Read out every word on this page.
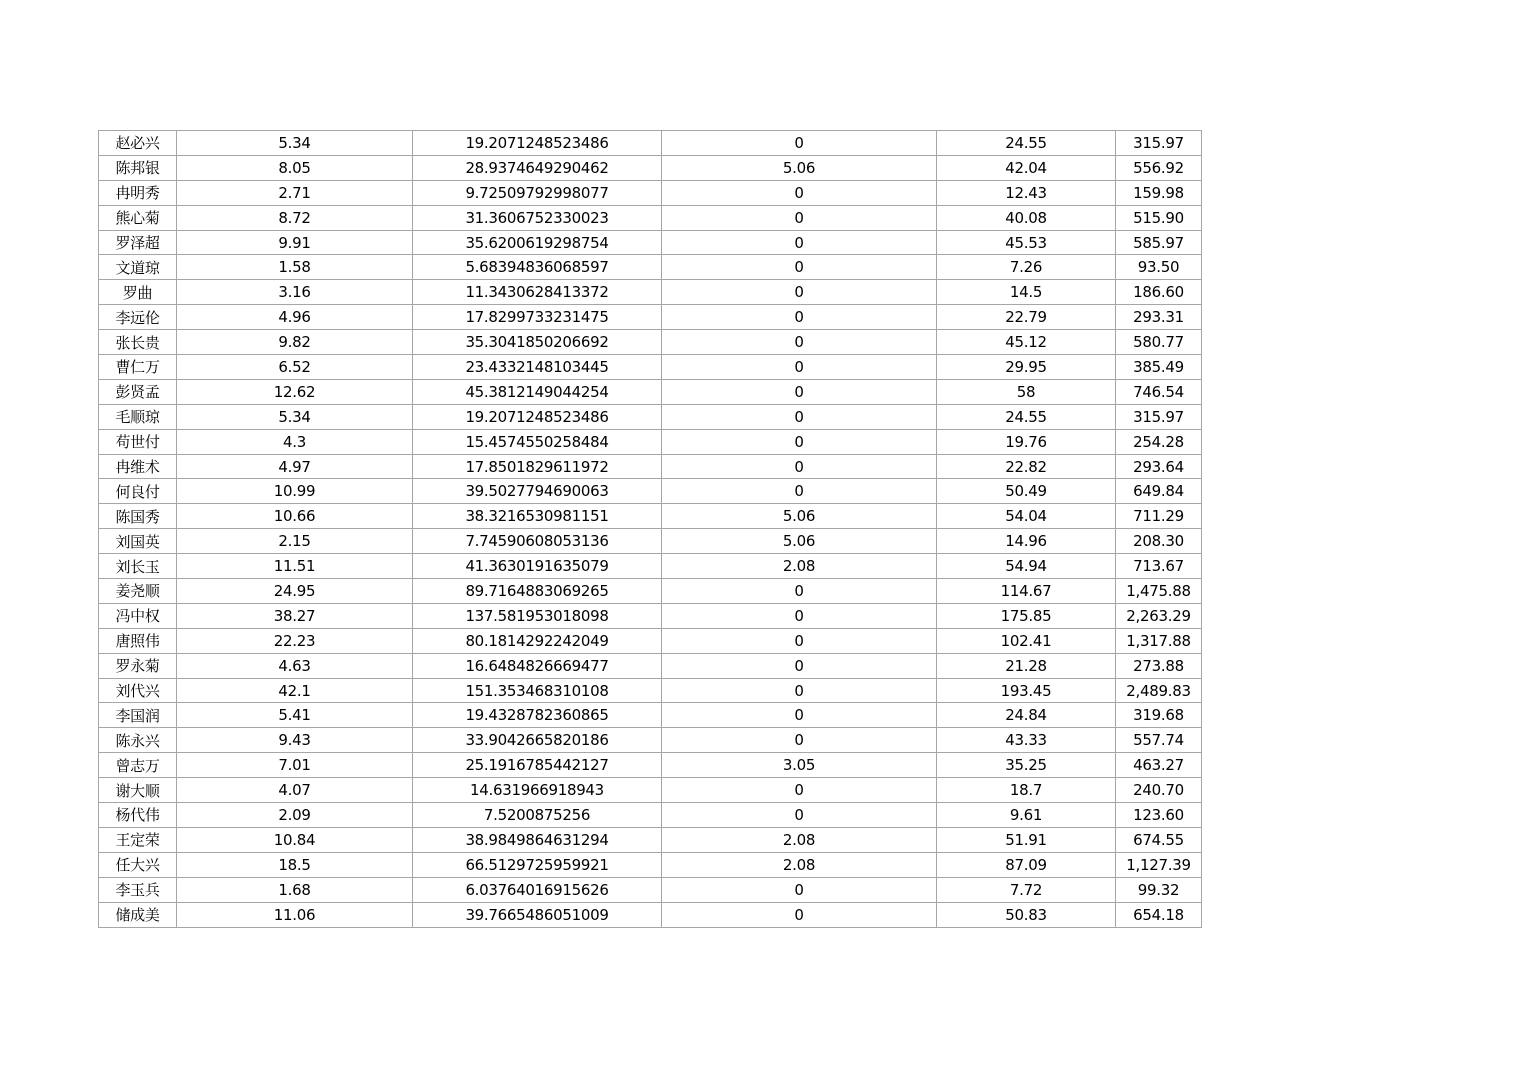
赵必兴	5.34	19.2071248523486	0	24.55	315.97
陈邦银	8.05	28.9374649290462	5.06	42.04	556.92
冉明秀	2.71	9.72509792998077	0	12.43	159.98
熊心菊	8.72	31.3606752330023	0	40.08	515.90
罗泽超	9.91	35.6200619298754	0	45.53	585.97
文道琼	1.58	5.68394836068597	0	7.26	93.50
罗曲	3.16	11.3430628413372	0	14.5	186.60
李远伦	4.96	17.8299733231475	0	22.79	293.31
张长贵	9.82	35.3041850206692	0	45.12	580.77
曹仁万	6.52	23.4332148103445	0	29.95	385.49
彭贤孟	12.62	45.3812149044254	0	58	746.54
毛顺琼	5.34	19.2071248523486	0	24.55	315.97
苟世付	4.3	15.4574550258484	0	19.76	254.28
冉维术	4.97	17.8501829611972	0	22.82	293.64
何良付	10.99	39.5027794690063	0	50.49	649.84
陈国秀	10.66	38.3216530981151	5.06	54.04	711.29
刘国英	2.15	7.74590608053136	5.06	14.96	208.30
刘长玉	11.51	41.3630191635079	2.08	54.94	713.67
姜尧顺	24.95	89.7164883069265	0	114.67	1,475.88
冯中权	38.27	137.581953018098	0	175.85	2,263.29
唐照伟	22.23	80.1814292242049	0	102.41	1,317.88
罗永菊	4.63	16.6484826669477	0	21.28	273.88
刘代兴	42.1	151.353468310108	0	193.45	2,489.83
李国润	5.41	19.4328782360865	0	24.84	319.68
陈永兴	9.43	33.9042665820186	0	43.33	557.74
曾志万	7.01	25.1916785442127	3.05	35.25	463.27
谢大顺	4.07	14.631966918943	0	18.7	240.70
杨代伟	2.09	7.5200875256	0	9.61	123.60
王定荣	10.84	38.9849864631294	2.08	51.91	674.55
任大兴	18.5	66.5129725959921	2.08	87.09	1,127.39
李玉兵	1.68	6.03764016915626	0	7.72	99.32
储成美	11.06	39.7665486051009	0	50.83	654.18
